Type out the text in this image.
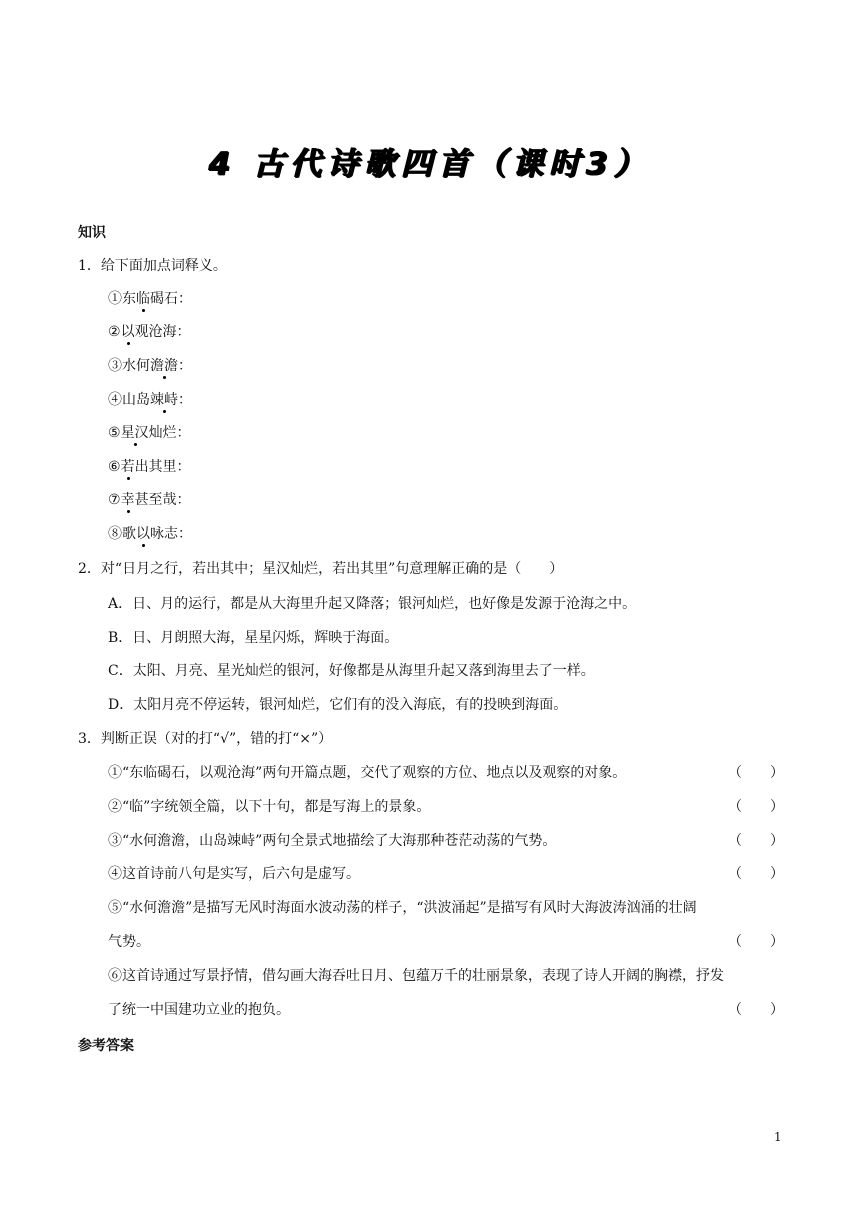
4 古代诗歌四首（课时3）
知识
1．给下面加点词释义。
①东临碣石：
②以观沧海：
③水何澹澹：
④山岛竦峙：
⑤星汉灿烂：
⑥若出其里：
⑦幸甚至哉：
⑧歌以咏志：
2．对“日月之行，若出其中；星汉灿烂，若出其里”句意理解正确的是（　　）
A．日、月的运行，都是从大海里升起又降落；银河灿烂，也好像是发源于沧海之中。
B．日、月朗照大海，星星闪烁，辉映于海面。
C．太阳、月亮、星光灿烂的银河，好像都是从海里升起又落到海里去了一样。
D．太阳月亮不停运转，银河灿烂，它们有的没入海底，有的投映到海面。
3．判断正误（对的打“√”，错的打“×”）
①“东临碣石，以观沧海”两句开篇点题，交代了观察的方位、地点以及观察的对象。	（　　）
②“临”字统领全篇，以下十句，都是写海上的景象。	（　　）
③“水何澹澹，山岛竦峙”两句全景式地描绘了大海那种苍茫动荡的气势。	（　　）
④这首诗前八句是实写，后六句是虚写。	（　　）
⑤“水何澹澹”是描写无风时海面水波动荡的样子，“洪波涌起”是描写有风时大海波涛汹涌的壮阔
气势。	（　　）
⑥这首诗通过写景抒情，借勾画大海吞吐日月、包蕴万千的壮丽景象，表现了诗人开阔的胸襟，抒发
了统一中国建功立业的抱负。	（　　）
参考答案
1
